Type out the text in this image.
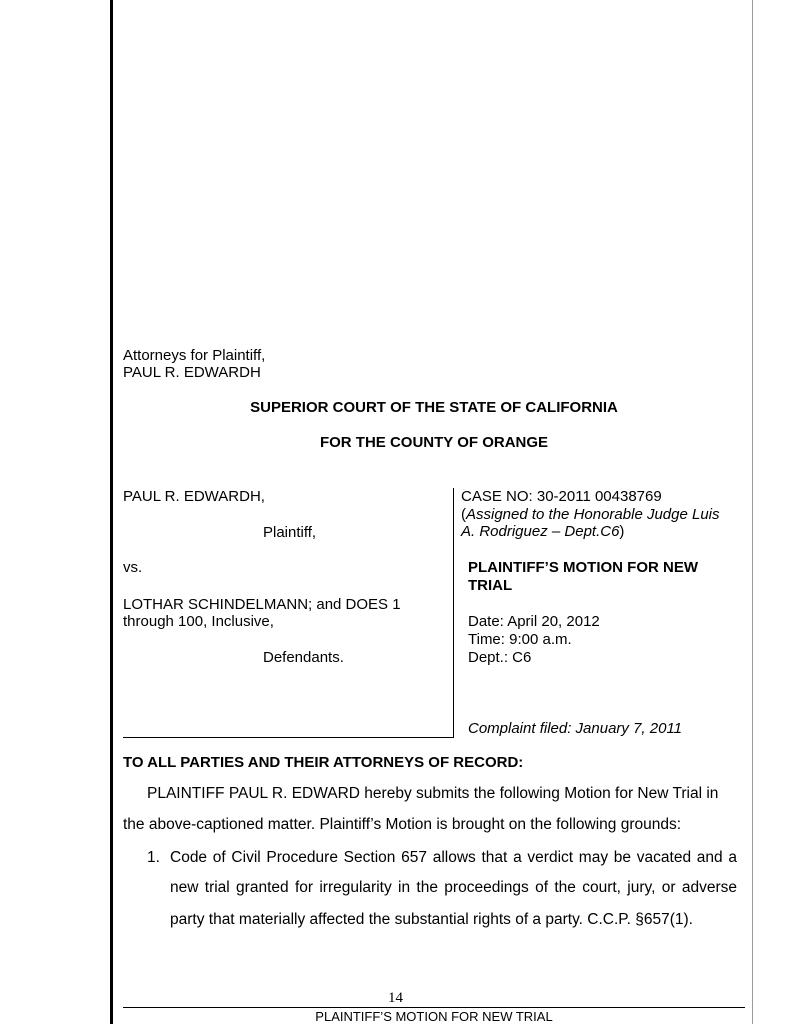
Attorneys for Plaintiff,
PAUL R. EDWARDH
SUPERIOR COURT OF THE STATE OF CALIFORNIA
FOR THE COUNTY OF ORANGE
PAUL R. EDWARDH,
Plaintiff,
vs.
LOTHAR SCHINDELMANN; and DOES 1
through 100, Inclusive,
Defendants.
CASE NO: 30-2011 00438769
(Assigned to the Honorable Judge Luis
A. Rodriguez – Dept.C6)
PLAINTIFF’S MOTION FOR NEW
TRIAL
Date: April 20, 2012
Time: 9:00 a.m.
Dept.: C6
Complaint filed: January 7, 2011
TO ALL PARTIES AND THEIR ATTORNEYS OF RECORD:
PLAINTIFF PAUL R. EDWARD hereby submits the following Motion for New Trial in
the above-captioned matter. Plaintiff’s Motion is brought on the following grounds:
1. Code of Civil Procedure Section 657 allows that a verdict may be vacated and a
new trial granted for irregularity in the proceedings of the court, jury, or adverse
party that materially affected the substantial rights of a party. C.C.P. §657(1).
14
PLAINTIFF’S MOTION FOR NEW TRIAL
